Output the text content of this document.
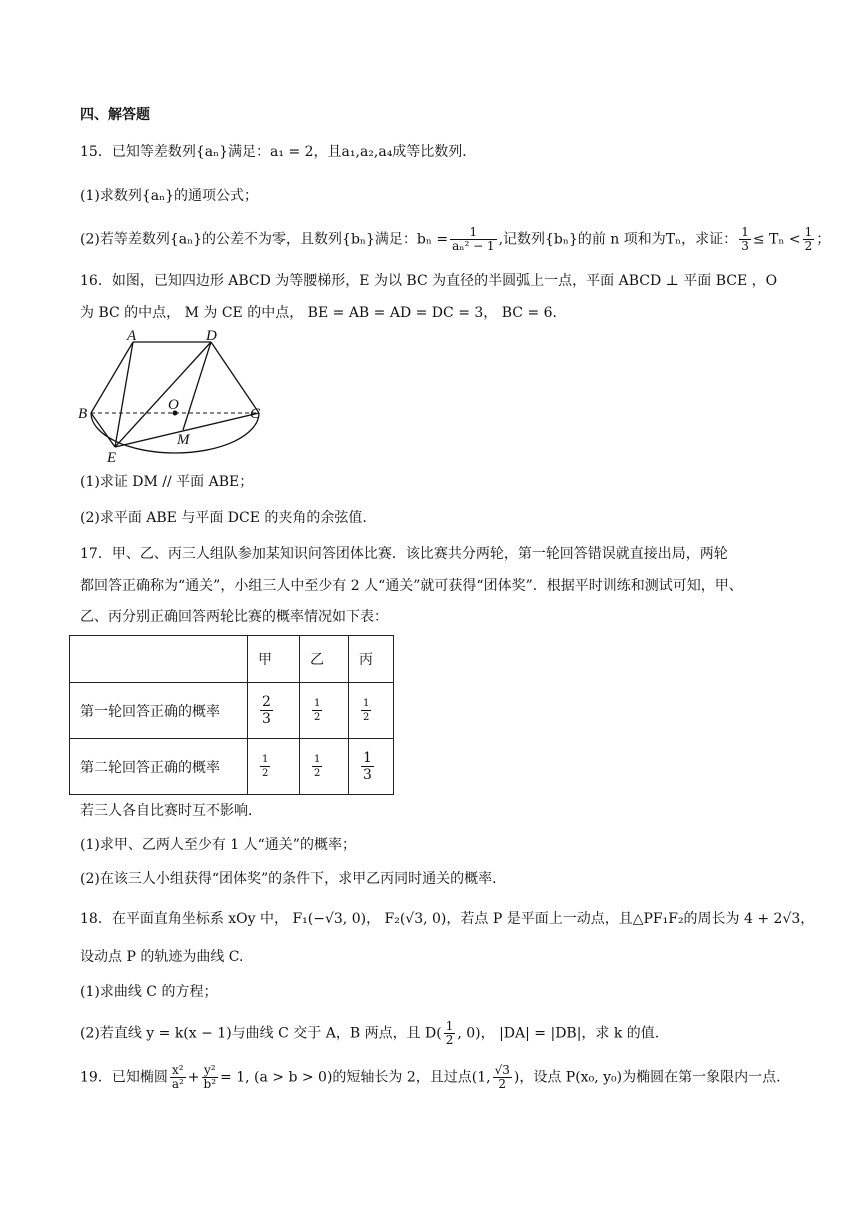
四、解答题
15．已知等差数列{aₙ}满足：a₁ = 2，且a₁,a₂,a₄成等比数列．
(1)求数列{aₙ}的通项公式；
(2)若等差数列{aₙ}的公差不为零，且数列{bₙ}满足：$b_n = \frac{1}{\text{aₙ² − 1}}$ ,记数列{bₙ}的前 n 项和为Tₙ，求证： $\frac{1}{3} \le T_n < \frac{1}{2}$ ；
16．如图，已知四边形 ABCD 为等腰梯形，E 为以 BC 为直径的半圆弧上一点，平面 ABCD ⊥ 平面 BCE ，O
为 BC 的中点， M 为 CE 的中点， BE = AB = AD = DC = 3， BC = 6．
A	D
B
O
C
M
E
(1)求证 DM // 平面 ABE；
(2)求平面 ABE 与平面 DCE 的夹角的余弦值.
17．甲、乙、丙三人组队参加某知识问答团体比赛．该比赛共分两轮，第一轮回答错误就直接出局，两轮
都回答正确称为“通关”，小组三人中至少有 2 人“通关”就可获得“团体奖”．根据平时训练和测试可知，甲、
乙、丙分别正确回答两轮比赛的概率情况如下表：
	甲	乙	丙
第一轮回答正确的概率	$\frac{2}{3}$	$\frac{1}{2}$	$\frac{1}{2}$

第二轮回答正确的概率	$\frac{1}{2}$	$\frac{1}{2}$	$\frac{1}{3}$
若三人各自比赛时互不影响．
(1)求甲、乙两人至少有 1 人“通关”的概率；
(2)在该三人小组获得“团体奖”的条件下，求甲乙丙同时通关的概率．
18．在平面直角坐标系 xOy 中， F₁(−√3, 0)， F₂(√3, 0)，若点 P 是平面上一动点，且△PF₁F₂的周长为 4 + 2√3，
设动点 P 的轨迹为曲线 C.
(1)求曲线 C 的方程；
(2)若直线 y = k(x − 1)与曲线 C 交于 A，B 两点，且 $D( \frac{1}{2}$ , 0)， |DA| = |DB|，求 k 的值.
19．已知椭圆 $\frac{\text{x²}}{\text{a²}} + \frac{\text{y²}}{\text{b²}} = 1$, (a > b > 0)的短轴长为 2，且过点(1, $\frac{√3}{2}$ )，设点 P(x₀, y₀)为椭圆在第一象限内一点.
